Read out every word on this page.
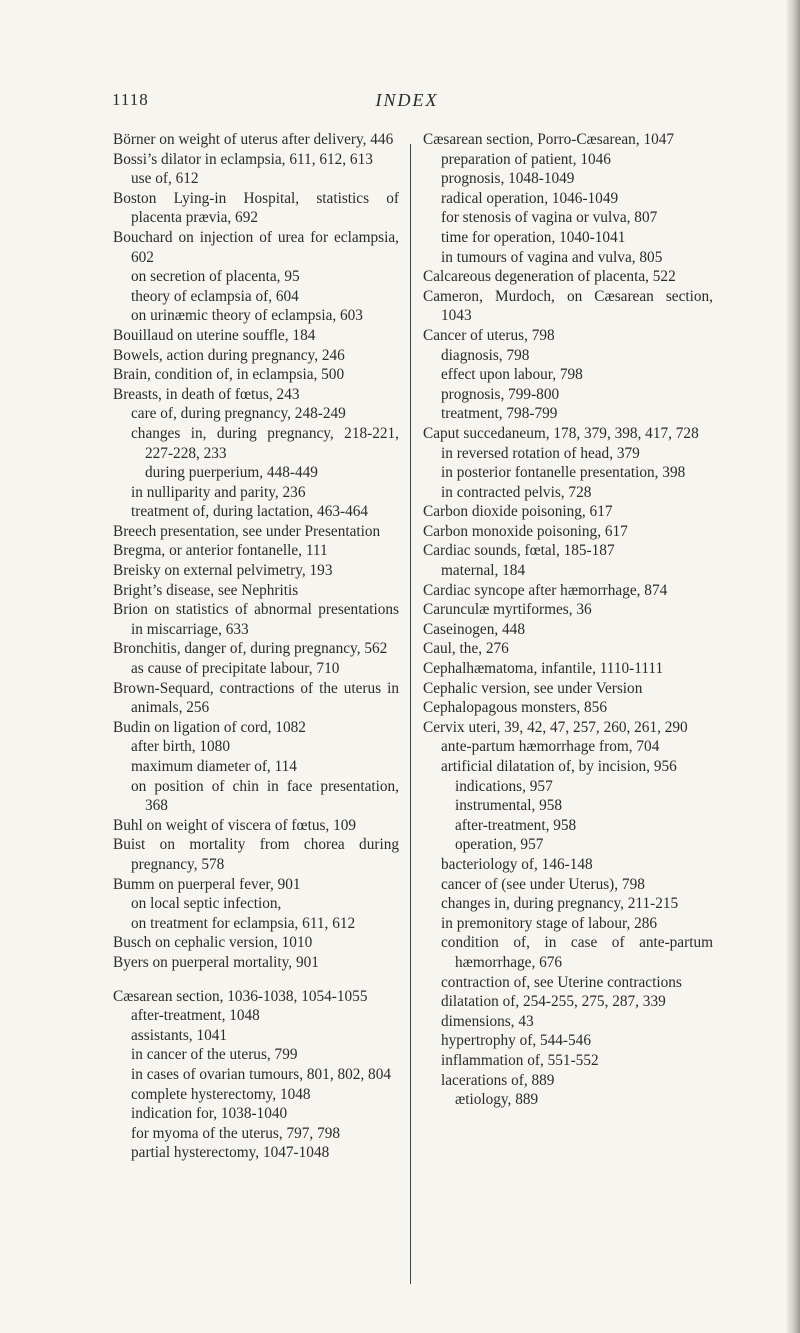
1118	INDEX
Börner on weight of uterus after delivery, 446
Bossi’s dilator in eclampsia, 611, 612, 613
use of, 612
Boston Lying-in Hospital, statistics of placenta prævia, 692
Bouchard on injection of urea for eclampsia, 602
on secretion of placenta, 95
theory of eclampsia of, 604
on urinæmic theory of eclampsia, 603
Bouillaud on uterine souffle, 184
Bowels, action during pregnancy, 246
Brain, condition of, in eclampsia, 500
Breasts, in death of fœtus, 243
care of, during pregnancy, 248-249
changes in, during pregnancy, 218-221, 227-228, 233
during puerperium, 448-449
in nulliparity and parity, 236
treatment of, during lactation, 463-464
Breech presentation, see under Presentation
Bregma, or anterior fontanelle, 111
Breisky on external pelvimetry, 193
Bright’s disease, see Nephritis
Brion on statistics of abnormal presentations in miscarriage, 633
Bronchitis, danger of, during pregnancy, 562
as cause of precipitate labour, 710
Brown-Sequard, contractions of the uterus in animals, 256
Budin on ligation of cord, 1082
after birth, 1080
maximum diameter of, 114
on position of chin in face presentation, 368
Buhl on weight of viscera of fœtus, 109
Buist on mortality from chorea during pregnancy, 578
Bumm on puerperal fever, 901
on local septic infection,
on treatment for eclampsia, 611, 612
Busch on cephalic version, 1010
Byers on puerperal mortality, 901
Cæsarean section, 1036-1038, 1054-1055
after-treatment, 1048
assistants, 1041
in cancer of the uterus, 799
in cases of ovarian tumours, 801, 802, 804
complete hysterectomy, 1048
indication for, 1038-1040
for myoma of the uterus, 797, 798
partial hysterectomy, 1047-1048
Cæsarean section, Porro-Cæsarean, 1047
preparation of patient, 1046
prognosis, 1048-1049
radical operation, 1046-1049
for stenosis of vagina or vulva, 807
time for operation, 1040-1041
in tumours of vagina and vulva, 805
Calcareous degeneration of placenta, 522
Cameron, Murdoch, on Cæsarean section, 1043
Cancer of uterus, 798
diagnosis, 798
effect upon labour, 798
prognosis, 799-800
treatment, 798-799
Caput succedaneum, 178, 379, 398, 417, 728
in reversed rotation of head, 379
in posterior fontanelle presentation, 398
in contracted pelvis, 728
Carbon dioxide poisoning, 617
Carbon monoxide poisoning, 617
Cardiac sounds, fœtal, 185-187
maternal, 184
Cardiac syncope after hæmorrhage, 874
Carunculæ myrtiformes, 36
Caseinogen, 448
Caul, the, 276
Cephalhæmatoma, infantile, 1110-1111
Cephalic version, see under Version
Cephalopagous monsters, 856
Cervix uteri, 39, 42, 47, 257, 260, 261, 290
ante-partum hæmorrhage from, 704
artificial dilatation of, by incision, 956
indications, 957
instrumental, 958
after-treatment, 958
operation, 957
bacteriology of, 146-148
cancer of (see under Uterus), 798
changes in, during pregnancy, 211-215
in premonitory stage of labour, 286
condition of, in case of ante-partum hæmorrhage, 676
contraction of, see Uterine contractions
dilatation of, 254-255, 275, 287, 339
dimensions, 43
hypertrophy of, 544-546
inflammation of, 551-552
lacerations of, 889
ætiology, 889
